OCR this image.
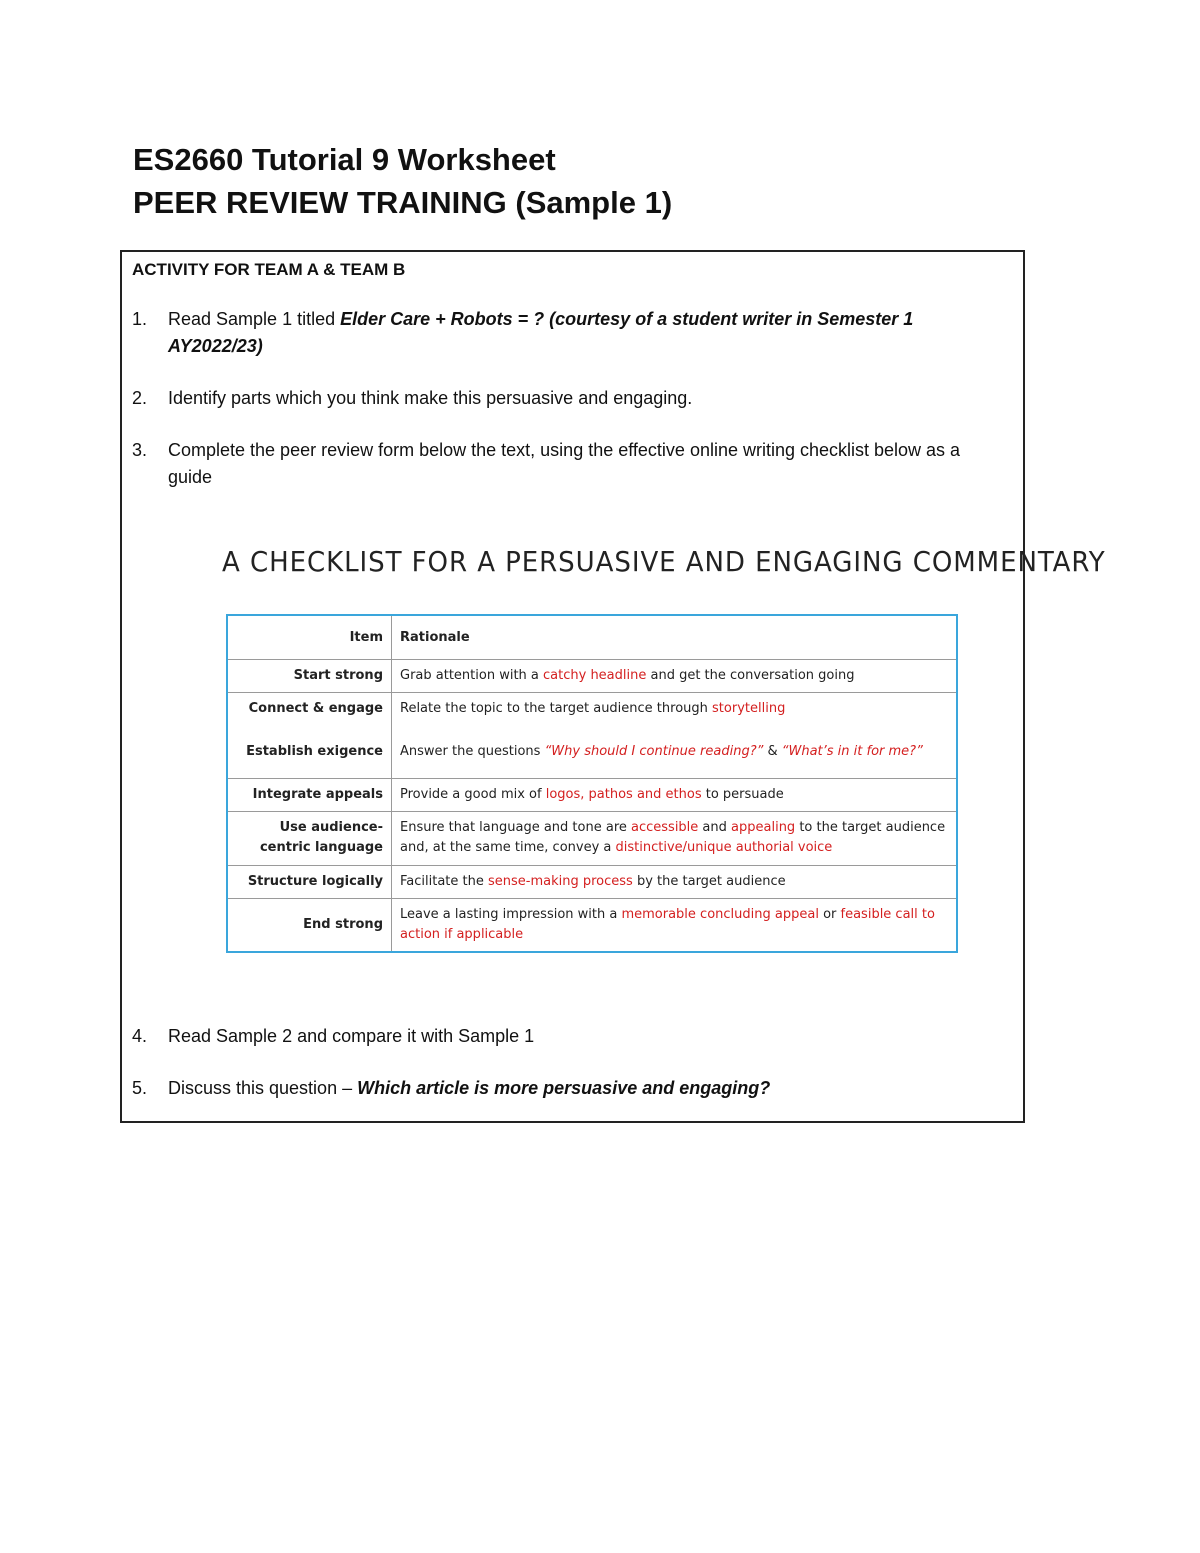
ES2660 Tutorial 9 Worksheet
PEER REVIEW TRAINING (Sample 1)

ACTIVITY FOR TEAM A & TEAM B

1.	Read Sample 1 titled Elder Care + Robots = ? (courtesy of a student writer in Semester 1 AY2022/23)
2.	Identify parts which you think make this persuasive and engaging.
3.	Complete the peer review form below the text, using the effective online writing checklist below as a guide
A CHECKLIST FOR A PERSUASIVE AND ENGAGING COMMENTARY
Item	Rationale
Start strong	Grab attention with a catchy headline and get the conversation going
Connect & engage	Relate the topic to the target audience through storytelling
Establish exigence	Answer the questions “Why should I continue reading?” & “What’s in it for me?”
Integrate appeals	Provide a good mix of logos, pathos and ethos to persuade
Use audience-centric language	Ensure that language and tone are accessible and appealing to the target audience and, at the same time, convey a distinctive/unique authorial voice
Structure logically	Facilitate the sense-making process by the target audience
End strong	Leave a lasting impression with a memorable concluding appeal or feasible call to action if applicable
4.	Read Sample 2 and compare it with Sample 1
5.	Discuss this question – Which article is more persuasive and engaging?
